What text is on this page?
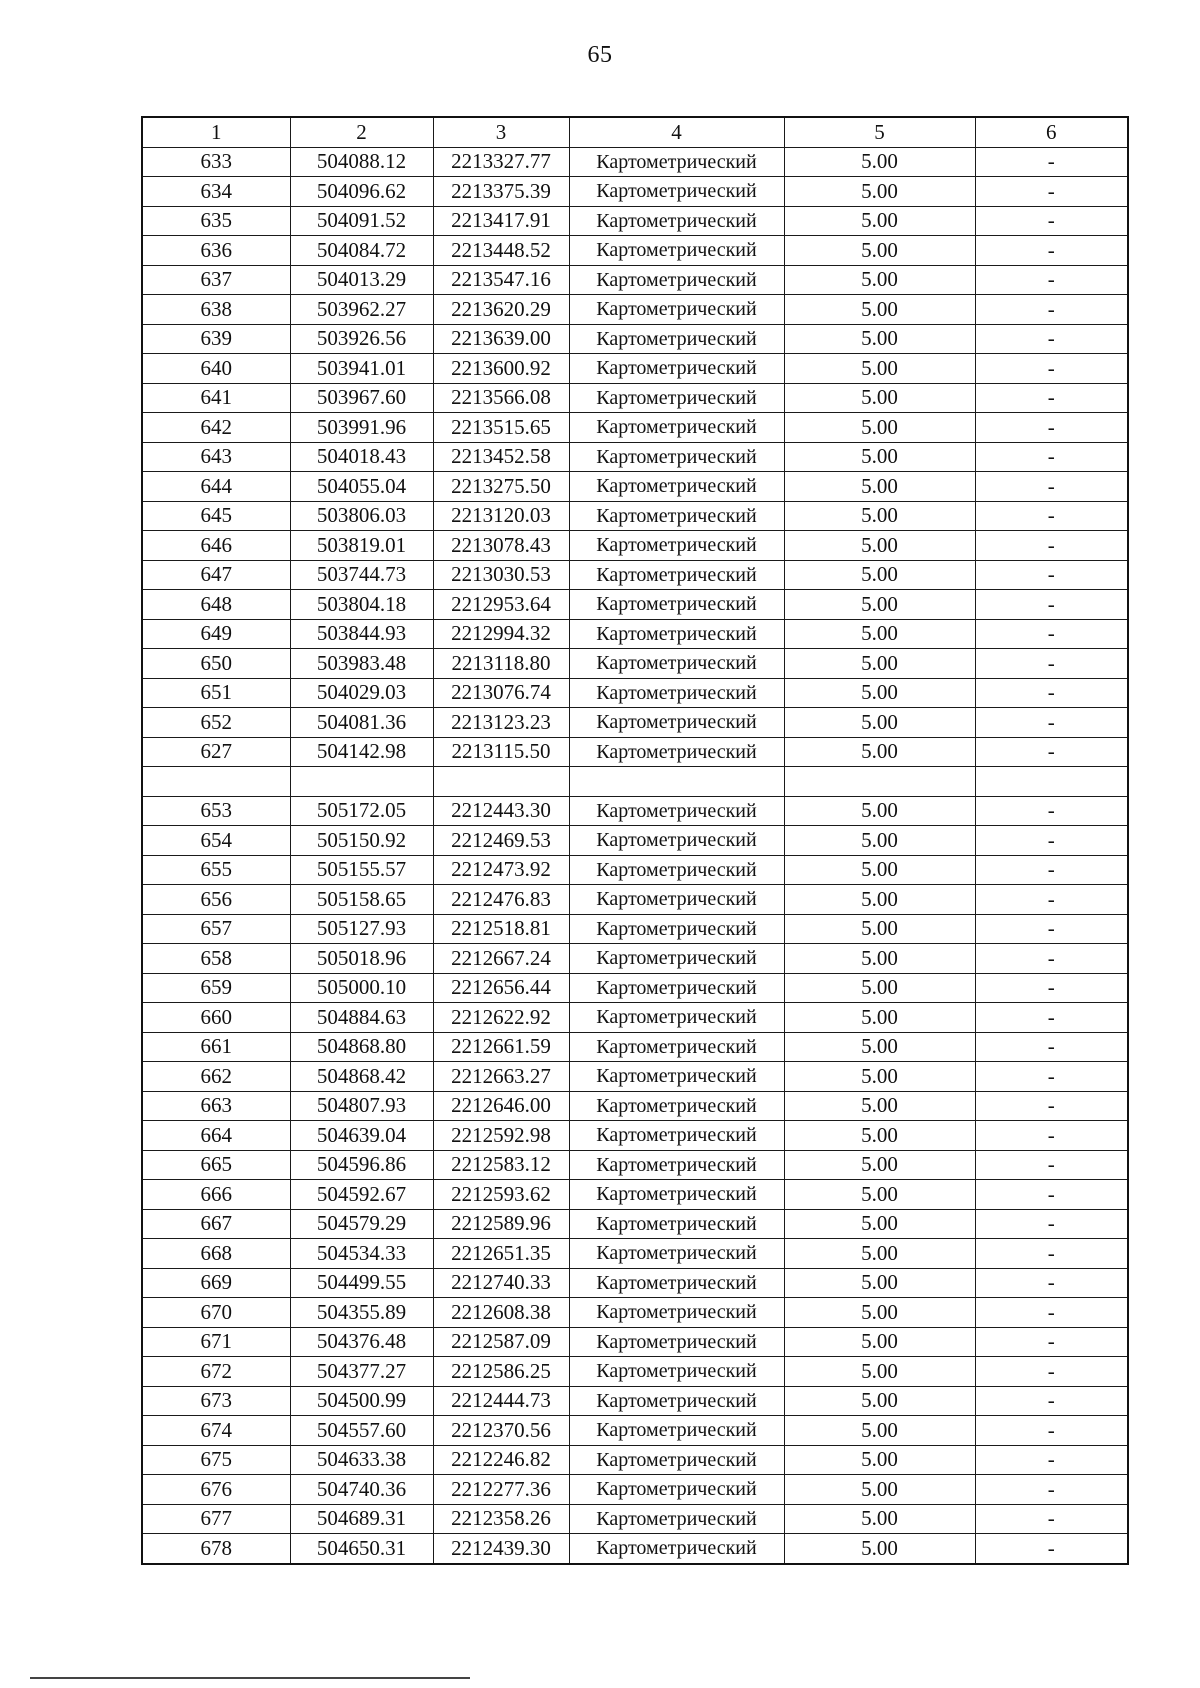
65
1	2	3	4	5	6
633	504088.12	2213327.77	Картометрический	5.00	-
634	504096.62	2213375.39	Картометрический	5.00	-
635	504091.52	2213417.91	Картометрический	5.00	-
636	504084.72	2213448.52	Картометрический	5.00	-
637	504013.29	2213547.16	Картометрический	5.00	-
638	503962.27	2213620.29	Картометрический	5.00	-
639	503926.56	2213639.00	Картометрический	5.00	-
640	503941.01	2213600.92	Картометрический	5.00	-
641	503967.60	2213566.08	Картометрический	5.00	-
642	503991.96	2213515.65	Картометрический	5.00	-
643	504018.43	2213452.58	Картометрический	5.00	-
644	504055.04	2213275.50	Картометрический	5.00	-
645	503806.03	2213120.03	Картометрический	5.00	-
646	503819.01	2213078.43	Картометрический	5.00	-
647	503744.73	2213030.53	Картометрический	5.00	-
648	503804.18	2212953.64	Картометрический	5.00	-
649	503844.93	2212994.32	Картометрический	5.00	-
650	503983.48	2213118.80	Картометрический	5.00	-
651	504029.03	2213076.74	Картометрический	5.00	-
652	504081.36	2213123.23	Картометрический	5.00	-
627	504142.98	2213115.50	Картометрический	5.00	-

653	505172.05	2212443.30	Картометрический	5.00	-
654	505150.92	2212469.53	Картометрический	5.00	-
655	505155.57	2212473.92	Картометрический	5.00	-
656	505158.65	2212476.83	Картометрический	5.00	-
657	505127.93	2212518.81	Картометрический	5.00	-
658	505018.96	2212667.24	Картометрический	5.00	-
659	505000.10	2212656.44	Картометрический	5.00	-
660	504884.63	2212622.92	Картометрический	5.00	-
661	504868.80	2212661.59	Картометрический	5.00	-
662	504868.42	2212663.27	Картометрический	5.00	-
663	504807.93	2212646.00	Картометрический	5.00	-
664	504639.04	2212592.98	Картометрический	5.00	-
665	504596.86	2212583.12	Картометрический	5.00	-
666	504592.67	2212593.62	Картометрический	5.00	-
667	504579.29	2212589.96	Картометрический	5.00	-
668	504534.33	2212651.35	Картометрический	5.00	-
669	504499.55	2212740.33	Картометрический	5.00	-
670	504355.89	2212608.38	Картометрический	5.00	-
671	504376.48	2212587.09	Картометрический	5.00	-
672	504377.27	2212586.25	Картометрический	5.00	-
673	504500.99	2212444.73	Картометрический	5.00	-
674	504557.60	2212370.56	Картометрический	5.00	-
675	504633.38	2212246.82	Картометрический	5.00	-
676	504740.36	2212277.36	Картометрический	5.00	-
677	504689.31	2212358.26	Картометрический	5.00	-
678	504650.31	2212439.30	Картометрический	5.00	-
